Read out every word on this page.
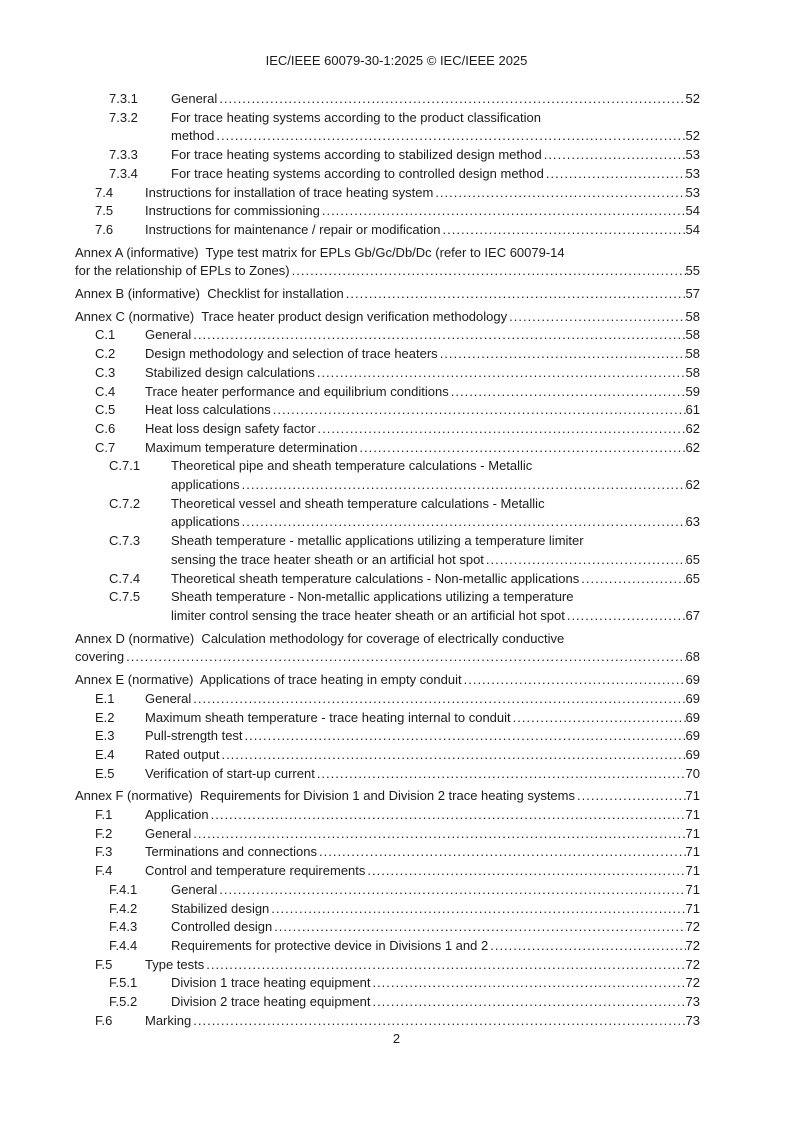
IEC/IEEE 60079-30-1:2025 © IEC/IEEE 2025
7.3.1	General .....	52
7.3.2	For trace heating systems according to the product classification
method .....	52
7.3.3	For trace heating systems according to stabilized design method .....	53
7.3.4	For trace heating systems according to controlled design method .....	53
7.4	Instructions for installation of trace heating system .....	53
7.5	Instructions for commissioning .....	54
7.6	Instructions for maintenance / repair or modification .....	54
Annex A (informative)  Type test matrix for EPLs Gb/Gc/Db/Dc (refer to IEC 60079-14
for the relationship of EPLs to Zones) .....	55
Annex B (informative)  Checklist for installation .....	57
Annex C (normative)  Trace heater product design verification methodology .....	58
C.1	General .....	58
C.2	Design methodology and selection of trace heaters .....	58
C.3	Stabilized design calculations .....	58
C.4	Trace heater performance and equilibrium conditions .....	59
C.5	Heat loss calculations .....	61
C.6	Heat loss design safety factor .....	62
C.7	Maximum temperature determination .....	62
C.7.1	Theoretical pipe and sheath temperature calculations - Metallic
applications .....	62
C.7.2	Theoretical vessel and sheath temperature calculations - Metallic
applications .....	63
C.7.3	Sheath temperature - metallic applications utilizing a temperature limiter
sensing the trace heater sheath or an artificial hot spot .....	65
C.7.4	Theoretical sheath temperature calculations - Non-metallic applications .....	65
C.7.5	Sheath temperature - Non-metallic applications utilizing a temperature
limiter control sensing the trace heater sheath or an artificial hot spot .....	67
Annex D (normative)  Calculation methodology for coverage of electrically conductive
covering .....	68
Annex E (normative)  Applications of trace heating in empty conduit .....	69
E.1	General .....	69
E.2	Maximum sheath temperature - trace heating internal to conduit .....	69
E.3	Pull-strength test .....	69
E.4	Rated output .....	69
E.5	Verification of start-up current .....	70
Annex F (normative)  Requirements for Division 1 and Division 2 trace heating systems .....	71
F.1	Application .....	71
F.2	General .....	71
F.3	Terminations and connections .....	71
F.4	Control and temperature requirements .....	71
F.4.1	General .....	71
F.4.2	Stabilized design .....	71
F.4.3	Controlled design .....	72
F.4.4	Requirements for protective device in Divisions 1 and 2 .....	72
F.5	Type tests .....	72
F.5.1	Division 1 trace heating equipment .....	72
F.5.2	Division 2 trace heating equipment .....	73
F.6	Marking .....	73
2
